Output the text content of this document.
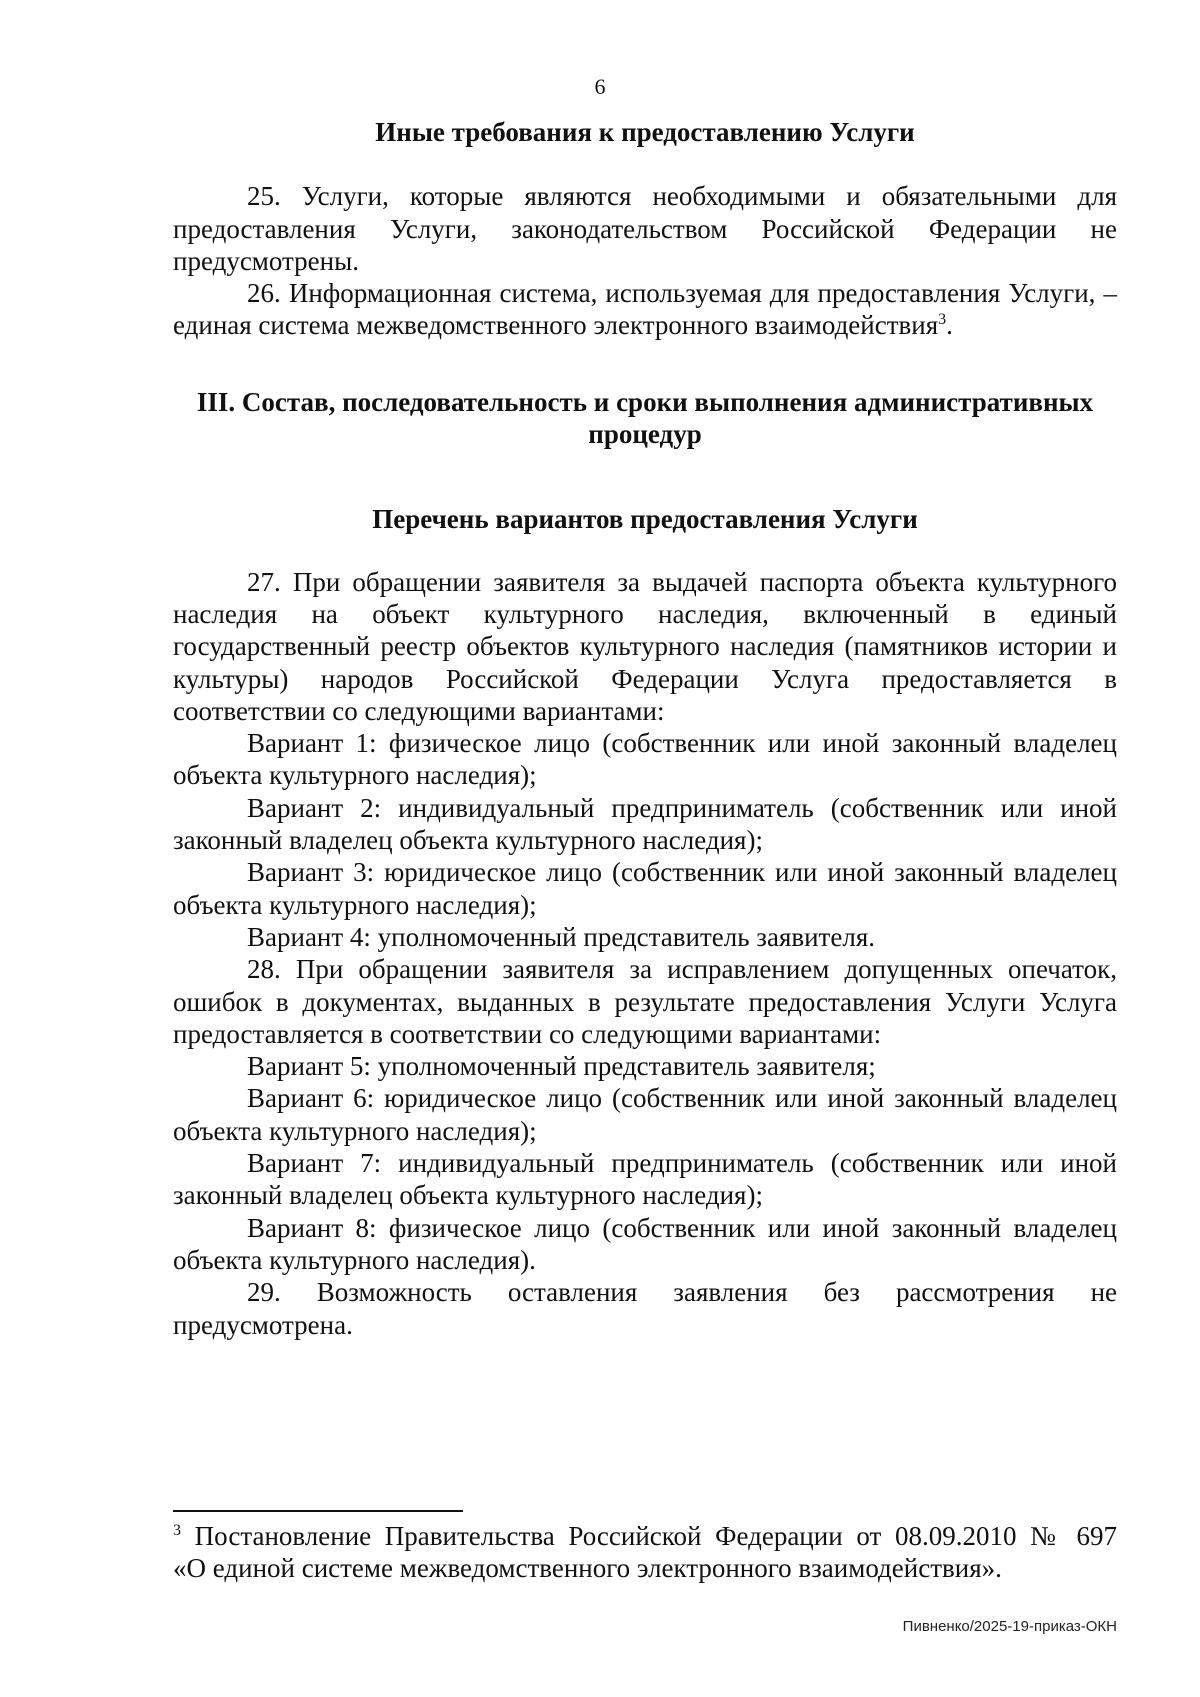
6

Иные требования к предоставлению Услуги

25. Услуги, которые являются необходимыми и обязательными для предоставления Услуги, законодательством Российской Федерации не предусмотрены.

26. Информационная система, используемая для предоставления Услуги, – единая система межведомственного электронного взаимодействия$^3$.

III. Состав, последовательность и сроки выполнения административных процедур

Перечень вариантов предоставления Услуги

27. При обращении заявителя за выдачей паспорта объекта культурного наследия на объект культурного наследия, включенный в единый государственный реестр объектов культурного наследия (памятников истории и культуры) народов Российской Федерации Услуга предоставляется в соответствии со следующими вариантами:

Вариант 1: физическое лицо (собственник или иной законный владелец объекта культурного наследия);

Вариант 2: индивидуальный предприниматель (собственник или иной законный владелец объекта культурного наследия);

Вариант 3: юридическое лицо (собственник или иной законный владелец объекта культурного наследия);

Вариант 4: уполномоченный представитель заявителя.

28. При обращении заявителя за исправлением допущенных опечаток, ошибок в документах, выданных в результате предоставления Услуги Услуга предоставляется в соответствии со следующими вариантами:

Вариант 5: уполномоченный представитель заявителя;

Вариант 6: юридическое лицо (собственник или иной законный владелец объекта культурного наследия);

Вариант 7: индивидуальный предприниматель (собственник или иной законный владелец объекта культурного наследия);

Вариант 8: физическое лицо (собственник или иной законный владелец объекта культурного наследия).

29. Возможность оставления заявления без рассмотрения не предусмотрена.

$^3$ Постановление Правительства Российской Федерации от 08.09.2010 № 697

«О единой системе межведомственного электронного взаимодействия».

Пивненко/2025-19-приказ-ОКН
